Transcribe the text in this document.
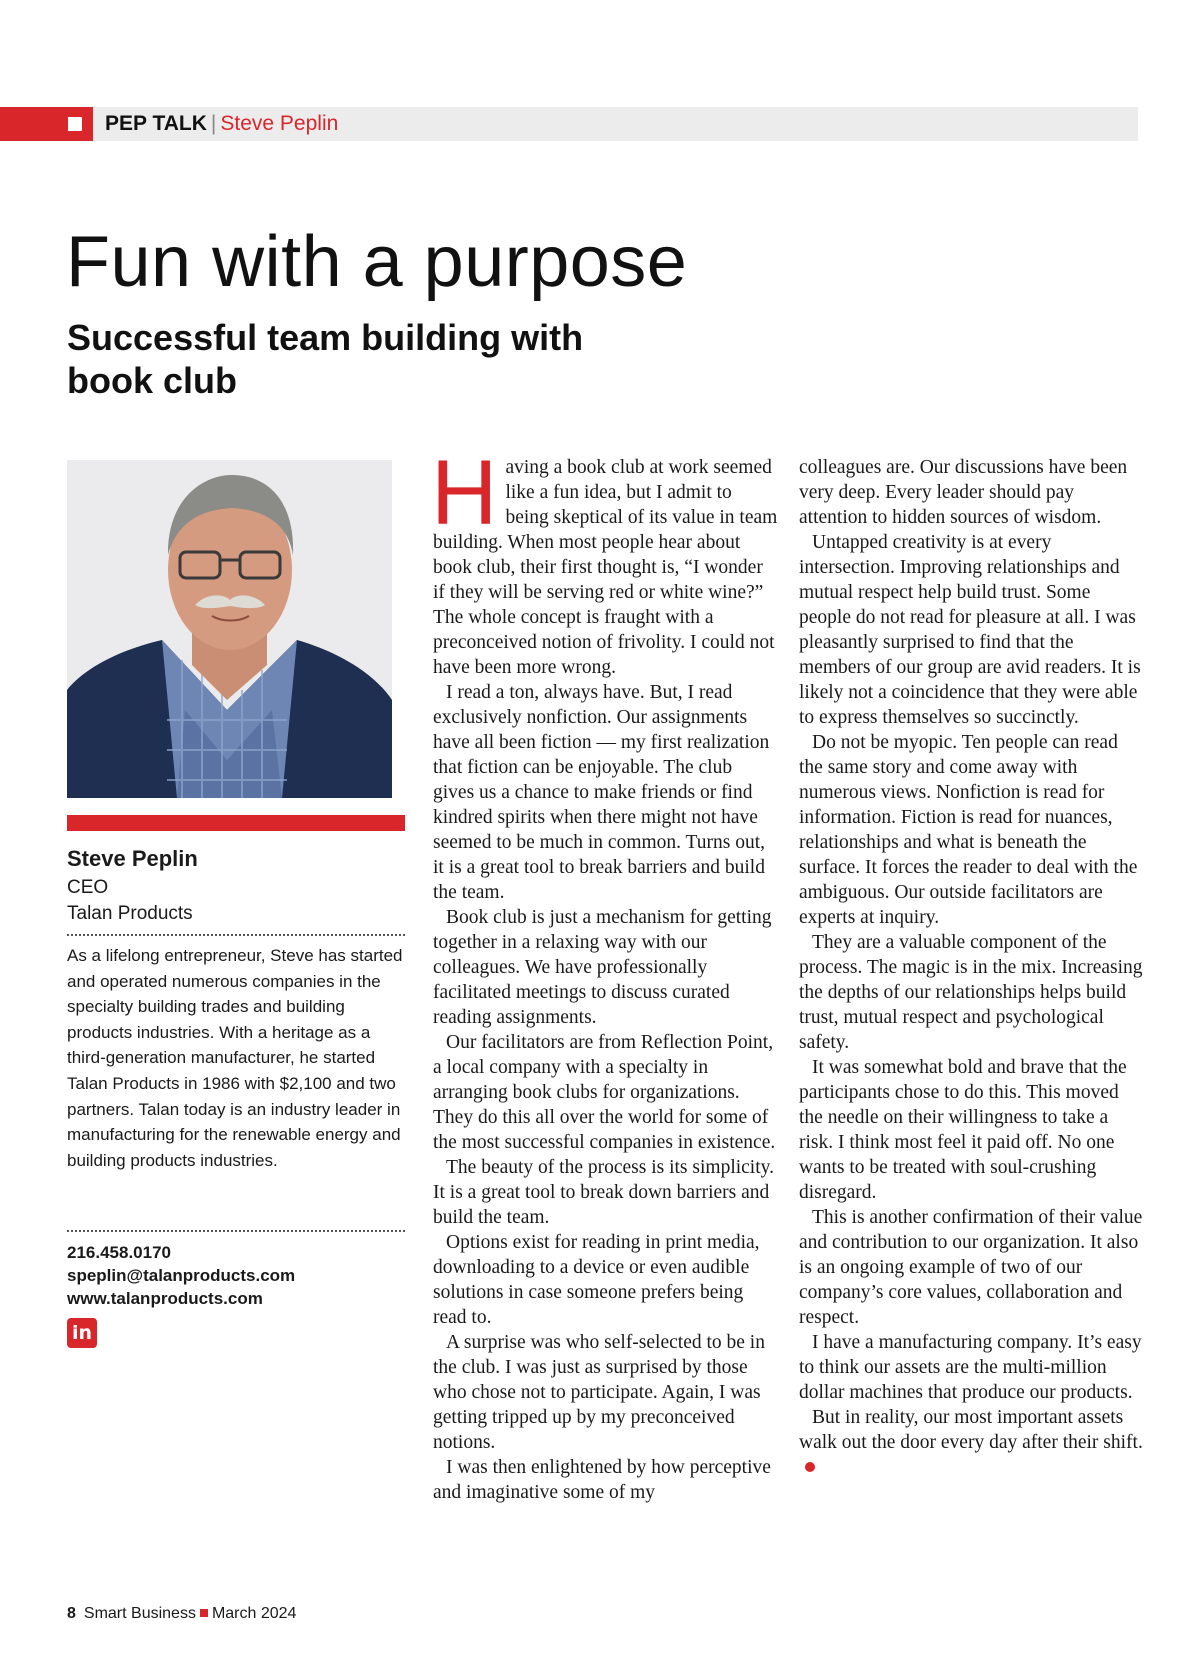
PEP TALK | Steve Peplin
Fun with a purpose
Successful team building with book club
Steve Peplin
CEO
Talan Products
As a lifelong entrepreneur, Steve has started and operated numerous companies in the specialty building trades and building products industries. With a heritage as a third-generation manufacturer, he started Talan Products in 1986 with $2,100 and two partners. Talan today is an industry leader in manufacturing for the renewable energy and building products industries.
216.458.0170
speplin@talanproducts.com
www.talanproducts.com
in
H aving a book club at work seemed like a fun idea, but I admit to being skeptical of its value in team building. When most people hear about book club, their first thought is, “I wonder if they will be serving red or white wine?” The whole concept is fraught with a preconceived notion of frivolity. I could not have been more wrong.

I read a ton, always have. But, I read exclusively nonfiction. Our assignments have all been fiction — my first realization that fiction can be enjoyable. The club gives us a chance to make friends or find kindred spirits when there might not have seemed to be much in common. Turns out, it is a great tool to break barriers and build the team.

Book club is just a mechanism for getting together in a relaxing way with our colleagues. We have professionally facilitated meetings to discuss curated reading assignments.

Our facilitators are from Reflection Point, a local company with a specialty in arranging book clubs for organizations. They do this all over the world for some of the most successful companies in existence.

The beauty of the process is its simplicity. It is a great tool to break down barriers and build the team.

Options exist for reading in print media, downloading to a device or even audible solutions in case someone prefers being read to.

A surprise was who self-selected to be in the club. I was just as surprised by those who chose not to participate. Again, I was getting tripped up by my preconceived notions.

I was then enlightened by how perceptive and imaginative some of my

colleagues are. Our discussions have been very deep. Every leader should pay attention to hidden sources of wisdom.

Untapped creativity is at every intersection. Improving relationships and mutual respect help build trust. Some people do not read for pleasure at all. I was pleasantly surprised to find that the members of our group are avid readers. It is likely not a coincidence that they were able to express themselves so succinctly.

Do not be myopic. Ten people can read the same story and come away with numerous views. Nonfiction is read for information. Fiction is read for nuances, relationships and what is beneath the surface. It forces the reader to deal with the ambiguous. Our outside facilitators are experts at inquiry.

They are a valuable component of the process. The magic is in the mix. Increasing the depths of our relationships helps build trust, mutual respect and psychological safety.

It was somewhat bold and brave that the participants chose to do this. This moved the needle on their willingness to take a risk. I think most feel it paid off. No one wants to be treated with soul-crushing disregard.

This is another confirmation of their value and contribution to our organization. It also is an ongoing example of two of our company’s core values, collaboration and respect.

I have a manufacturing company. It’s easy to think our assets are the multi-million dollar machines that produce our products.

But in reality, our most important assets walk out the door every day after their shift.

8 Smart Business March 2024
